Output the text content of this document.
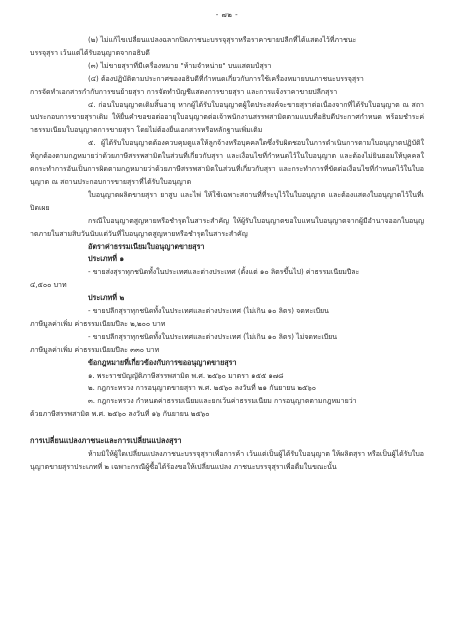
- ๗๒ -

(๒) ไม่แก้ไขเปลี่ยนแปลงฉลากปิดภาชนะบรรจุสุราหรือราคาขายปลีกที่ได้แสดงไว้ที่ภาชนะ

บรรจุสุรา เว้นแต่ได้รับอนุญาตจากอธิบดี

(๓) ไม่ขายสุราที่มีเครื่องหมาย "ห้ามจำหน่าย" บนแสตมป์สุรา

(๔) ต้องปฏิบัติตามประกาศของอธิบดีที่กำหนดเกี่ยวกับการใช้เครื่องหมายบนภาชนะบรรจุสุรา

การจัดทำเอกสารกำกับการขนย้ายสุรา การจัดทำบัญชีแสดงการขายสุรา และการแจ้งราคาขายปลีกสุรา

๔. ก่อนใบอนุญาตเดิมสิ้นอายุ หากผู้ได้รับใบอนุญาตผู้ใดประสงค์จะขายสุราต่อเนื่องจากที่ได้รับใบอนุญาต ณ สถานประกอบการขายสุราเดิม ให้ยื่นคำขอขอต่ออายุใบอนุญาตต่อเจ้าพนักงานสรรพสามิตตามแบบที่อธิบดีประกาศกำหนด พร้อมชำระค่าธรรมเนียมใบอนุญาตการขายสุรา โดยไม่ต้องยื่นเอกสารหรือหลักฐานเพิ่มเติม

๕. ผู้ได้รับใบอนุญาตต้องควบคุมดูแลให้ลูกจ้างหรือบุคคลใดซึ่งรับผิดชอบในการดำเนินการตามใบอนุญาตปฏิบัติให้ถูกต้องตามกฎหมายว่าด้วยภาษีสรรพสามิตในส่วนที่เกี่ยวกับสุรา และเงื่อนไขที่กำหนดไว้ในใบอนุญาต และต้องไม่ยินยอมให้บุคคลใดกระทำการอันเป็นการผิดตามกฎหมายว่าด้วยภาษีสรรพสามิตในส่วนที่เกี่ยวกับสุรา และกระทำการที่ขัดต่อเงื่อนไขที่กำหนดไว้ในใบอนุญาต ณ สถานประกอบการขายสุราที่ได้รับใบอนุญาต

ใบอนุญาตผลิตขายสุรา ยาสูบ และไพ่ ให้ใช้เฉพาะสถานที่ที่ระบุไว้ในใบอนุญาต และต้องแสดงใบอนุญาตไว้ในที่เปิดเผย

กรณีใบอนุญาตสูญหายหรือชำรุดในสาระสำคัญ ให้ผู้รับใบอนุญาตขอใบแทนใบอนุญาตจากผู้มีอำนาจออกใบอนุญาตภายในสามสิบวันนับแต่วันที่ใบอนุญาตสูญหายหรือชำรุดในสาระสำคัญ

อัตราค่าธรรมเนียมใบอนุญาตขายสุรา

ประเภทที่ ๑

- ขายส่งสุราทุกชนิดทั้งในประเทศและต่างประเทศ (ตั้งแต่ ๑๐ ลิตรขึ้นไป) ค่าธรรมเนียมปีละ

๔,๕๐๐ บาท

ประเภทที่ ๒

- ขายปลีกสุราทุกชนิดทั้งในประเทศและต่างประเทศ (ไม่เกิน ๑๐ ลิตร) จดทะเบียน

ภาษีมูลค่าเพิ่ม ค่าธรรมเนียมปีละ ๒,๒๐๐ บาท

- ขายปลีกสุราทุกชนิดทั้งในประเทศและต่างประเทศ (ไม่เกิน ๑๐ ลิตร) ไม่จดทะเบียน

ภาษีมูลค่าเพิ่ม ค่าธรรมเนียมปีละ ๓๓๐ บาท

ข้อกฎหมายที่เกี่ยวข้องกับการขออนุญาตขายสุรา

๑. พระราชบัญญัติภาษีสรรพสามิต พ.ศ. ๒๕๖๐ มาตรา ๑๕๕ ๑๗๘

๒. กฎกระทรวง การอนุญาตขายสุรา พ.ศ. ๒๕๖๐ ลงวันที่ ๒๑ กันยายน ๒๕๖๐

๓. กฎกระทรวง กำหนดค่าธรรมเนียมและยกเว้นค่าธรรมเนียม การอนุญาตตามกฎหมายว่า

ด้วยภาษีสรรพสามิต พ.ศ. ๒๕๖๐ ลงวันที่ ๑๖ กันยายน ๒๕๖๐

การเปลี่ยนแปลงภาชนะและการเปลี่ยนแปลงสุรา

ห้ามมิให้ผู้ใดเปลี่ยนแปลงภาชนะบรรจุสุราเพื่อการค้า เว้นแต่เป็นผู้ได้รับใบอนุญาต ให้ผลิตสุรา หรือเป็นผู้ได้รับใบอนุญาตขายสุราประเภทที่ ๒ เฉพาะกรณีผู้ซื้อได้ร้องขอให้เปลี่ยนแปลง ภาชนะบรรจุสุราเพื่อดื่มในขณะนั้น
